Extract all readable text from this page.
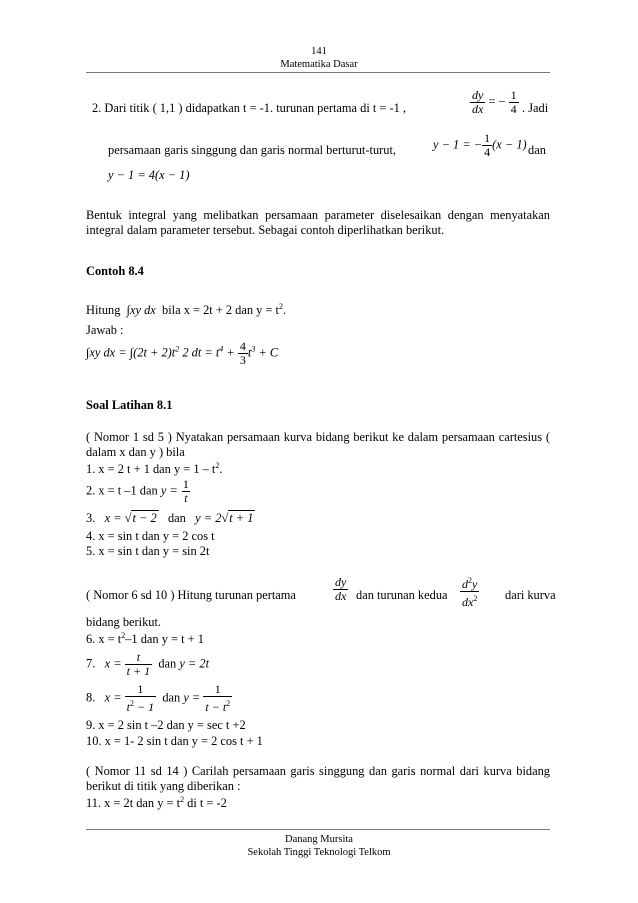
141
Matematika Dasar
2. Dari titik ( 1,1 ) didapatkan t = -1. turunan pertama di t = -1 ,	$\frac{dy}{dx}$ = − $\frac{1}{4}$ . Jadi
persamaan garis singgung dan garis normal berturut-turut,	y − 1 = − $\frac{1}{4} (x - 1)$ dan
y − 1 = 4(x − 1)
Bentuk integral yang melibatkan persamaan parameter diselesaikan dengan menyatakan integral dalam parameter tersebut. Sebagai contoh diperlihatkan berikut.
Contoh 8.4
Hitung ∫xy dx bila x = 2t + 2 dan $y = t^2$.
Jawab :
∫xy dx = $\int(2t + 2)t^2$ 2 dt = $t^4 + \frac{4}{3} t^3 + C$
Soal Latihan 8.1
( Nomor 1 sd 5 ) Nyatakan persamaan kurva bidang berikut ke dalam persamaan cartesius ( dalam x dan y ) bila
1. x = 2 t + 1 dan $y = 1 - t^2$.
2. x = t –1 dan $y = \frac{1}{t}$
3. x = √t − 2 dan y = 2√t + 1
4. x = sin t dan y = 2 cos t
5. x = sin t dan y = sin 2t
( Nomor 6 sd 10 ) Hitung turunan pertama	$\frac{dy}{dx}$ dan turunan kedua $\frac{d^2y}{dx^2}$ dari kurva
bidang berikut.
6. $x = t^2-1$ dan y = t + 1
7. $x = \frac{t}{t + 1}$ dan y = 2t
8. $x = \frac{1}{t^2 - 1}$ dan $y = \frac{1}{t - t^2}$
9. x = 2 sin t –2 dan y = sec t +2
10. x = 1- 2 sin t dan y = 2 cos t + 1
( Nomor 11 sd 14 ) Carilah persamaan garis singgung dan garis normal dari kurva bidang berikut di titik yang diberikan :
11. x = 2t dan $y = t^2$ di t = -2
Danang Mursita
Sekolah Tinggi Teknologi Telkom
